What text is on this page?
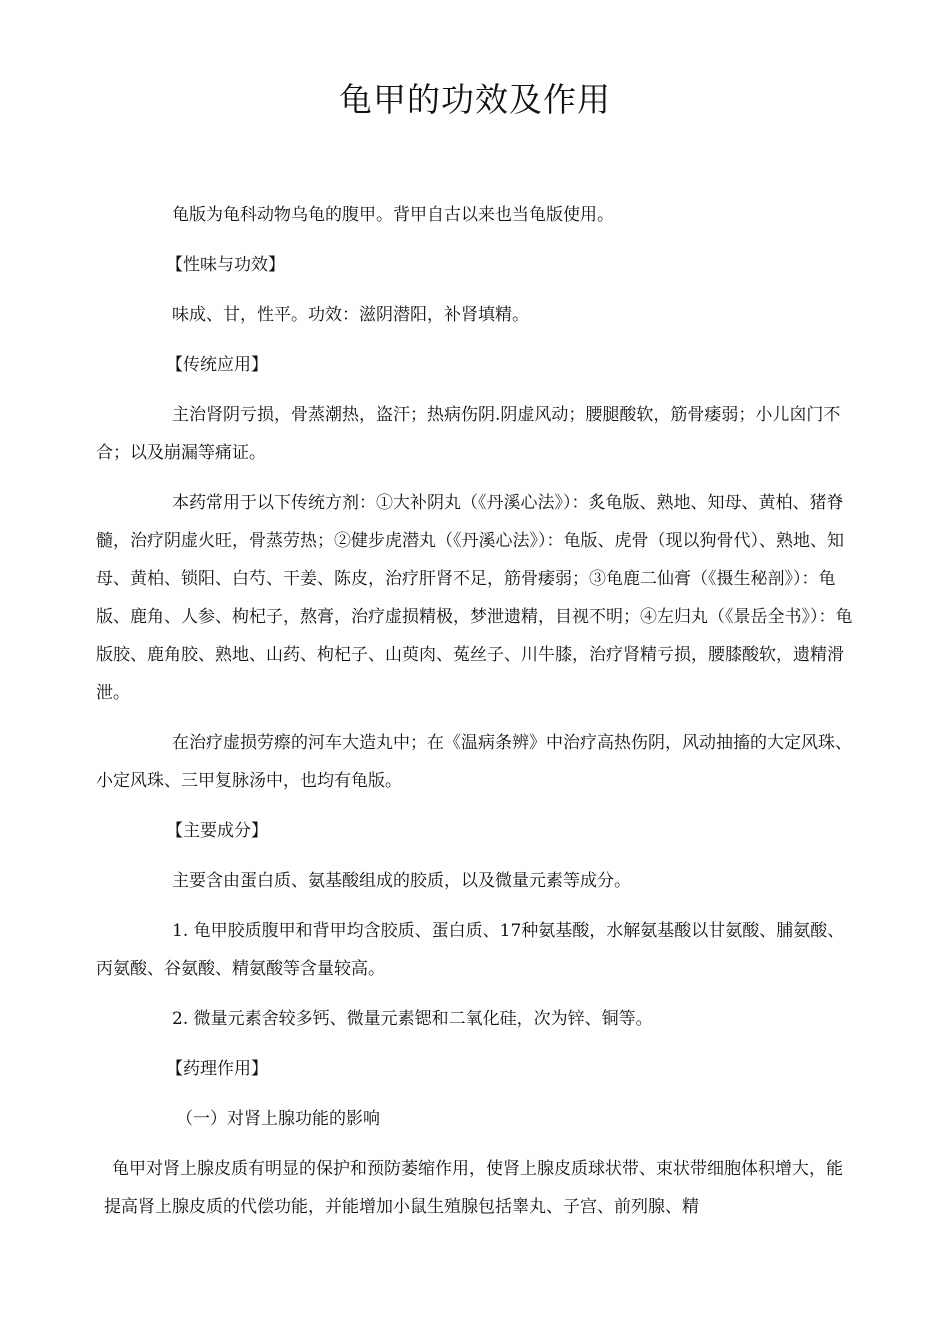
龟甲的功效及作用

龟版为龟科动物乌龟的腹甲。背甲自古以来也当龟版使用。

【性味与功效】

味成、甘，性平。功效：滋阴潜阳，补肾填精。

【传统应用】

主治肾阴亏损，骨蒸潮热，盗汗；热病伤阴.阴虚风动；腰腿酸软，筋骨痿弱；小儿囟门不合；以及崩漏等痛证。

本药常用于以下传统方剂：①大补阴丸（《丹溪心法》）：炙龟版、熟地、知母、黄柏、猪脊髓，治疗阴虚火旺，骨蒸劳热；②健步虎潜丸（《丹溪心法》）：龟版、虎骨（现以狗骨代）、熟地、知母、黄柏、锁阳、白芍、干姜、陈皮，治疗肝肾不足，筋骨痿弱；③龟鹿二仙膏（《摄生秘剖》）：龟版、鹿角、人参、枸杞子，熬膏，治疗虚损精极，梦泄遗精，目视不明；④左归丸（《景岳全书》）：龟版胶、鹿角胶、熟地、山药、枸杞子、山萸肉、菟丝子、川牛膝，治疗肾精亏损，腰膝酸软，遗精滑泄。

在治疗虚损劳瘵的河车大造丸中；在《温病条辨》中治疗高热伤阴，风动抽搐的大定风珠、小定风珠、三甲复脉汤中，也均有龟版。

【主要成分】

主要含由蛋白质、氨基酸组成的胶质，以及微量元素等成分。

1. 龟甲胶质腹甲和背甲均含胶质、蛋白质、17种氨基酸，水解氨基酸以甘氨酸、脯氨酸、丙氨酸、谷氨酸、精氨酸等含量较高。

2. 微量元素舍较多钙、微量元素锶和二氧化硅，次为锌、铜等。

【药理作用】

（一）对肾上腺功能的影响

龟甲对肾上腺皮质有明显的保护和预防萎缩作用，使肾上腺皮质球状带、束状带细胞体积增大，能提高肾上腺皮质的代偿功能，并能增加小鼠生殖腺包括睾丸、子宫、前列腺、精
